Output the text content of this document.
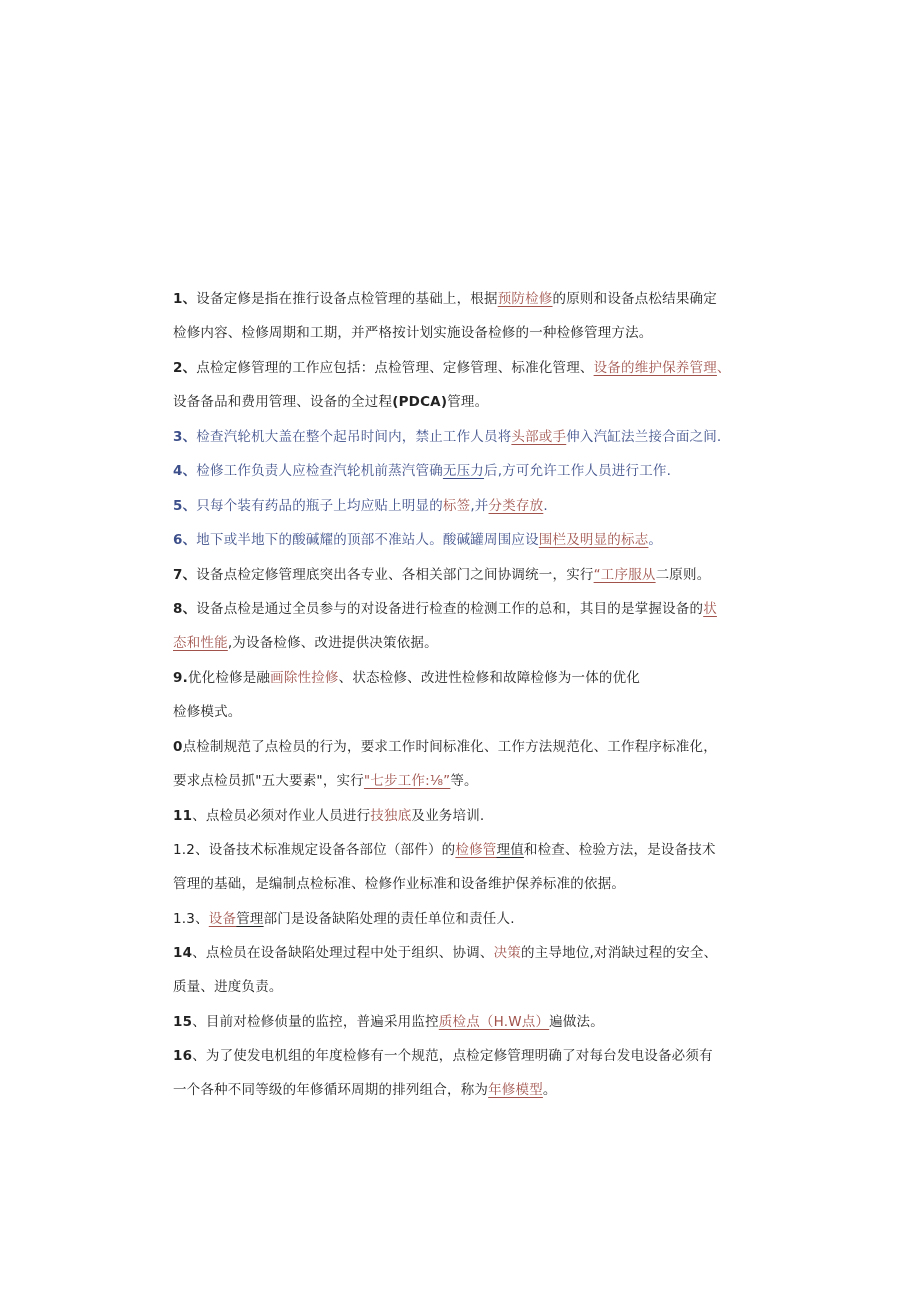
1、设备定修是指在推行设备点检管理的基础上，根据预防检修的原则和设备点松结果确定
检修内容、检修周期和工期，并严格按计划实施设备检修的一种检修管理方法。
2、点检定修管理的工作应包括：点检管理、定修管理、标准化管理、设备的维护保养管理、
设备备品和费用管理、设备的全过程(PDCA)管理。
3、检查汽轮机大盖在整个起吊时间内，禁止工作人员将头部或手伸入汽缸法兰接合面之间.
4、检修工作负责人应检查汽轮机前蒸汽管确无压力后,方可允许工作人员进行工作.
5、只每个装有药品的瓶子上均应贴上明显的标签,并分类存放.
6、地下或半地下的酸碱耀的顶部不准站人。酸碱罐周围应设围栏及明显的标志。
7、设备点检定修管理底突出各专业、各相关部门之间协调统一，实行“工序服从二原则。
8、设备点检是通过全员参与的对设备进行检查的检测工作的总和，其目的是掌握设备的状
态和性能,为设备检修、改进提供决策依据。
9.优化检修是融画除性捡修、状态检修、改进性检修和故障检修为一体的优化
检修模式。
0点检制规范了点检员的行为，要求工作时间标准化、工作方法规范化、工作程序标准化，
要求点检员抓"五大要素"，实行"七步工作:⅛”等。
11、点检员必须对作业人员进行技独底及业务培训.
1.2、设备技术标准规定设备各部位（部件）的检修管理值和检查、检验方法，是设备技术
管理的基础，是编制点检标准、检修作业标准和设备维护保养标准的依据。
1.3、设备管理部门是设备缺陷处理的责任单位和责任人.
14、点检员在设备缺陷处理过程中处于组织、协调、决策的主导地位,对消缺过程的安全、
质量、进度负责。
15、目前对检修侦量的监控，普遍采用监控质检点（H.W点）遍做法。
16、为了使发电机组的年度检修有一个规范，点检定修管理明确了对每台发电设备必须有
一个各种不同等级的年修循环周期的排列组合，称为年修模型。
